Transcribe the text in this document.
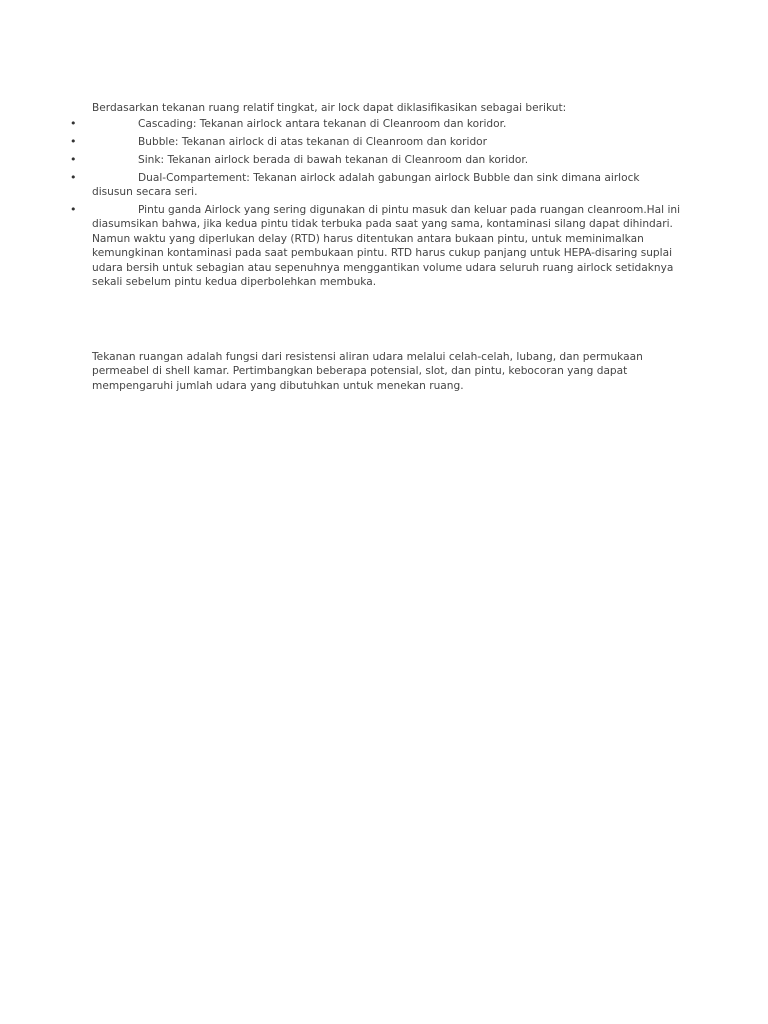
Berdasarkan tekanan ruang relatif tingkat, air lock dapat diklasifikasikan sebagai berikut:

•	Cascading: Tekanan airlock antara tekanan di Cleanroom dan koridor.
•	Bubble: Tekanan airlock di atas tekanan di Cleanroom dan koridor
•	Sink: Tekanan airlock berada di bawah tekanan di Cleanroom dan koridor.
•	Dual-Compartement: Tekanan airlock adalah gabungan airlock Bubble dan sink dimana airlock disusun secara seri.
•	Pintu ganda Airlock yang sering digunakan di pintu masuk dan keluar pada ruangan cleanroom.Hal ini diasumsikan bahwa, jika kedua pintu tidak terbuka pada saat yang sama, kontaminasi silang dapat dihindari. Namun waktu yang diperlukan delay (RTD) harus ditentukan antara bukaan pintu, untuk meminimalkan kemungkinan kontaminasi pada saat pembukaan pintu. RTD harus cukup panjang untuk HEPA-disaring suplai udara bersih untuk sebagian atau sepenuhnya menggantikan volume udara seluruh ruang airlock setidaknya sekali sebelum pintu kedua diperbolehkan membuka.

Tekanan ruangan adalah fungsi dari resistensi aliran udara melalui celah-celah, lubang, dan permukaan permeabel di shell kamar. Pertimbangkan beberapa potensial, slot, dan pintu, kebocoran yang dapat mempengaruhi jumlah udara yang dibutuhkan untuk menekan ruang.
